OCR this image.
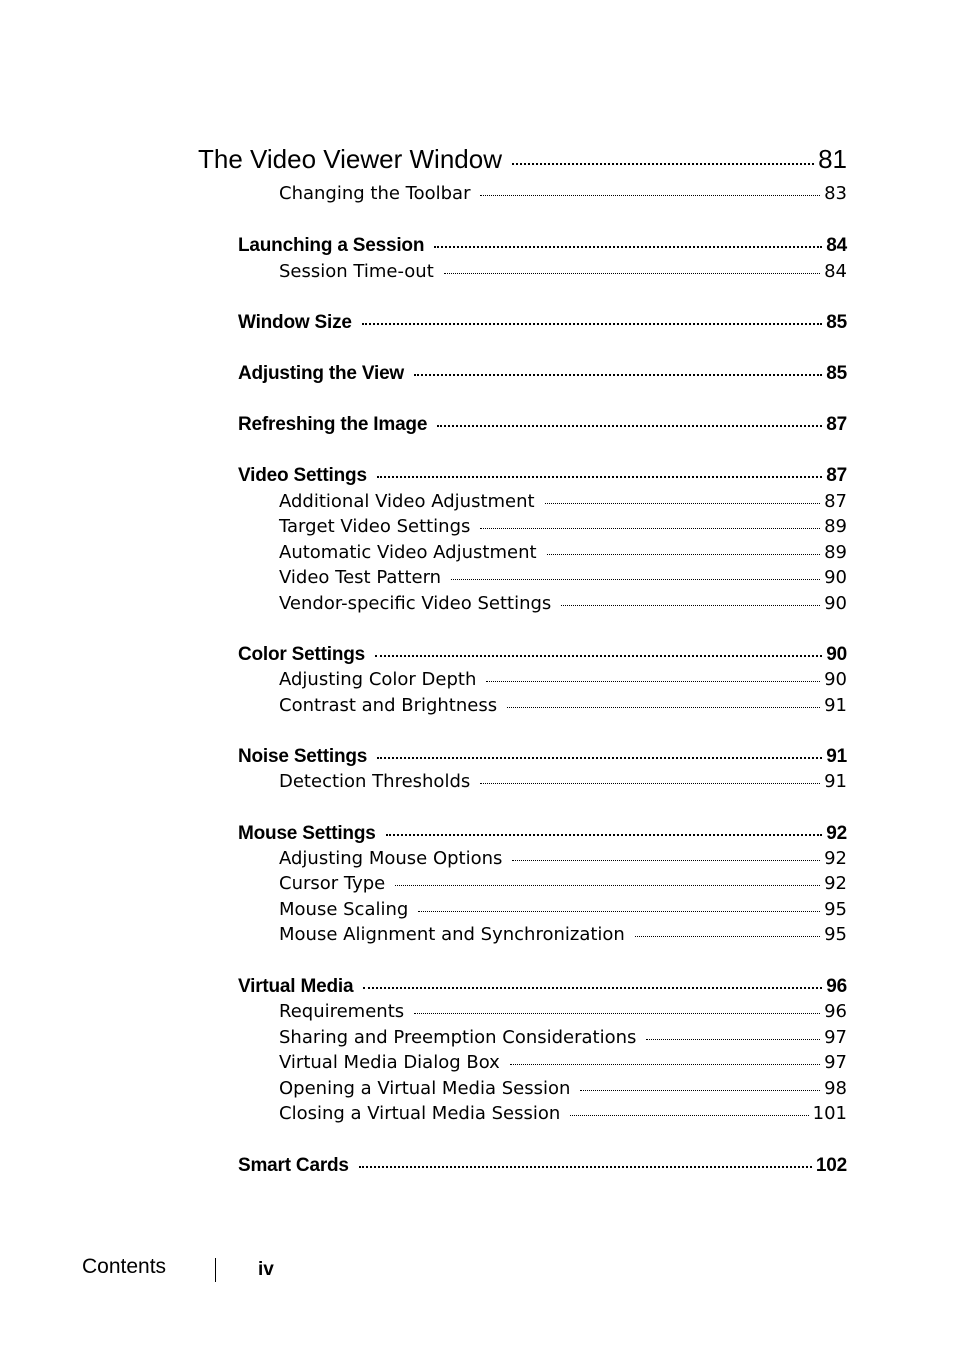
The Video Viewer Window	81
Changing the Toolbar	83
Launching a Session	84
Session Time-out	84
Window Size	85
Adjusting the View	85
Refreshing the Image	87
Video Settings	87
Additional Video Adjustment	87
Target Video Settings	89
Automatic Video Adjustment	89
Video Test Pattern	90
Vendor-specific Video Settings	90
Color Settings	90
Adjusting Color Depth	90
Contrast and Brightness	91
Noise Settings	91
Detection Thresholds	91
Mouse Settings	92
Adjusting Mouse Options	92
Cursor Type	92
Mouse Scaling	95
Mouse Alignment and Synchronization	95
Virtual Media	96
Requirements	96
Sharing and Preemption Considerations	97
Virtual Media Dialog Box	97
Opening a Virtual Media Session	98
Closing a Virtual Media Session	101
Smart Cards	102
Contents	iv
